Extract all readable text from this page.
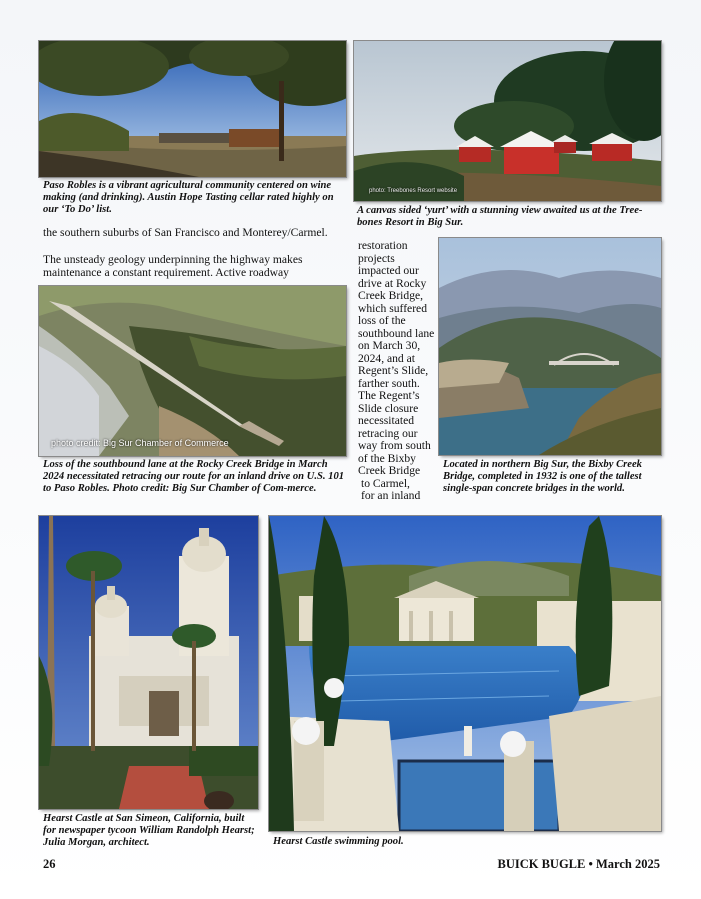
Paso Robles is a vibrant agricultural community centered on wine making (and drinking). Austin Hope Tasting cellar rated highly on our ‘To Do’ list.
photo: Treebones Resort website
A canvas sided ‘yurt’ with a stunning view awaited us at the Tree-bones Resort in Big Sur.
the southern suburbs of San Francisco and Monterey/Carmel.
The unsteady geology underpinning the highway makes maintenance a constant requirement. Active roadway
photo credit: Big Sur Chamber of Commerce
Loss of the southbound lane at the Rocky Creek Bridge in March 2024 necessitated retracing our route for an inland drive on U.S. 101 to Paso Robles. Photo credit: Big Sur Chamber of Com-merce.
restoration
projects
impacted our
drive at Rocky
Creek Bridge,
which suffered
loss of the
southbound lane
on March 30,
2024, and at
Regent’s Slide,
farther south.
The Regent’s
Slide closure
necessitated
retracing our
way from south
of the Bixby
Creek Bridge
to Carmel,
for an inland
Located in northern Big Sur, the Bixby Creek Bridge, completed in 1932 is one of the tallest single-span concrete bridges in the world.
Hearst Castle at San Simeon, California, built for newspaper tycoon William Randolph Hearst; Julia Morgan, architect.	Hearst Castle swimming pool.
26	BUICK BUGLE • March 2025
